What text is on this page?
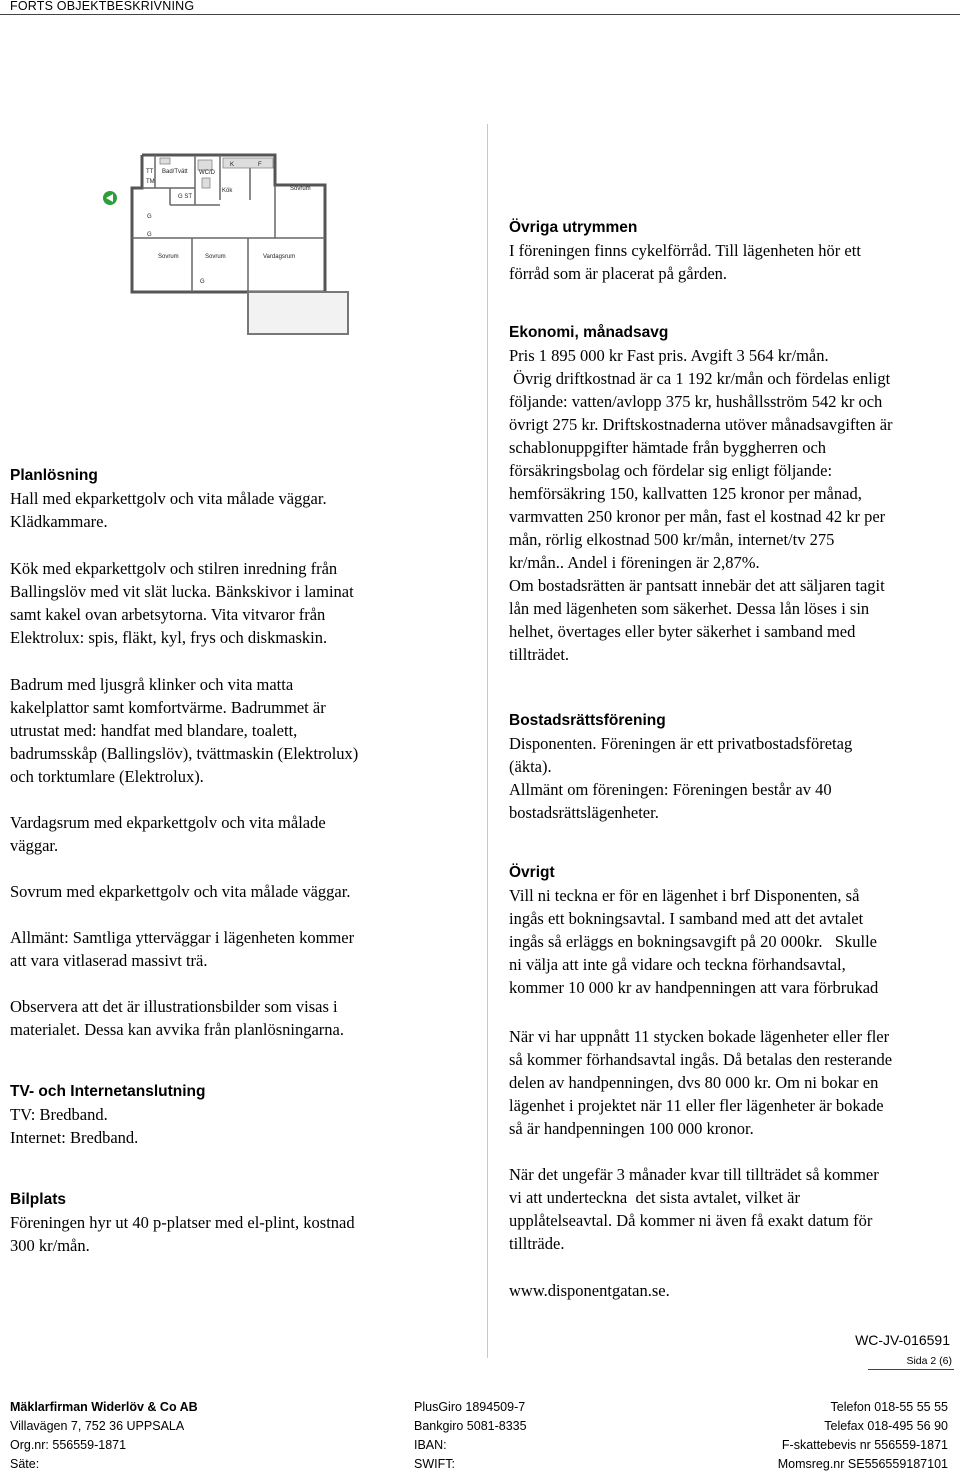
FORTS OBJEKTBESKRIVNING
TT
TM
Bad/Tvätt WC/D
G ST
K	F
Kök	Sovrum
G
G
Sovrum	Sovrum	Vardagsrum
G

Övriga utrymmen

I föreningen finns cykelförråd. Till lägenheten hör ett

förråd som är placerat på gården.

Ekonomi, månadsavg

Pris 1 895 000 kr Fast pris. Avgift 3 564 kr/mån.

Övrig driftkostnad är ca 1 192 kr/mån och fördelas enligt

följande: vatten/avlopp 375 kr, hushållsström 542 kr och

övrigt 275 kr. Driftskostnaderna utöver månadsavgiften är

schablonuppgifter hämtade från byggherren och

försäkringsbolag och fördelar sig enligt följande:

hemförsäkring 150, kallvatten 125 kronor per månad,

varmvatten 250 kronor per mån, fast el kostnad 42 kr per

mån, rörlig elkostnad 500 kr/mån, internet/tv 275

kr/mån.. Andel i föreningen är 2,87%.

Om bostadsrätten är pantsatt innebär det att säljaren tagit

lån med lägenheten som säkerhet. Dessa lån löses i sin

helhet, övertages eller byter säkerhet i samband med

tillträdet.

Bostadsrättsförening

Disponenten. Föreningen är ett privatbostadsföretag

(äkta).

Allmänt om föreningen: Föreningen består av 40

bostadsrättslägenheter.

Övrigt

Vill ni teckna er för en lägenhet i brf Disponenten, så

ingås ett bokningsavtal. I samband med att det avtalet

ingås så erläggs en bokningsavgift på 20 000kr.   Skulle

ni välja att inte gå vidare och teckna förhandsavtal,

kommer 10 000 kr av handpenningen att vara förbrukad

När vi har uppnått 11 stycken bokade lägenheter eller fler

så kommer förhandsavtal ingås. Då betalas den resterande

delen av handpenningen, dvs 80 000 kr. Om ni bokar en

lägenhet i projektet när 11 eller fler lägenheter är bokade

så är handpenningen 100 000 kronor.

När det ungefär 3 månader kvar till tillträdet så kommer

vi att underteckna  det sista avtalet, vilket är

upplåtelseavtal. Då kommer ni även få exakt datum för

tillträde.

www.disponentgatan.se.

Planlösning

Hall med ekparkettgolv och vita målade väggar.

Klädkammare.

Kök med ekparkettgolv och stilren inredning från

Ballingslöv med vit slät lucka. Bänkskivor i laminat

samt kakel ovan arbetsytorna. Vita vitvaror från

Elektrolux: spis, fläkt, kyl, frys och diskmaskin.

Badrum med ljusgrå klinker och vita matta

kakelplattor samt komfortvärme. Badrummet är

utrustat med: handfat med blandare, toalett,

badrumsskåp (Ballingslöv), tvättmaskin (Elektrolux)

och torktumlare (Elektrolux).

Vardagsrum med ekparkettgolv och vita målade

väggar.

Sovrum med ekparkettgolv och vita målade väggar.

Allmänt: Samtliga ytterväggar i lägenheten kommer

att vara vitlaserad massivt trä.

Observera att det är illustrationsbilder som visas i

materialet. Dessa kan avvika från planlösningarna.

TV- och Internetanslutning

TV: Bredband.

Internet: Bredband.

Bilplats

Föreningen hyr ut 40 p-platser med el-plint, kostnad

300 kr/mån.

WC-JV-016591
Sida 2 (6)
Mäklarfirman Widerlöv & Co AB
Villavägen 7, 752 36 UPPSALA
Org.nr: 556559-1871
Säte:
PlusGiro 1894509-7
Bankgiro 5081-8335
IBAN:
SWIFT:
Telefon 018-55 55 55
Telefax 018-495 56 90
F-skattebevis nr 556559-1871
Momsreg.nr SE556559187101
